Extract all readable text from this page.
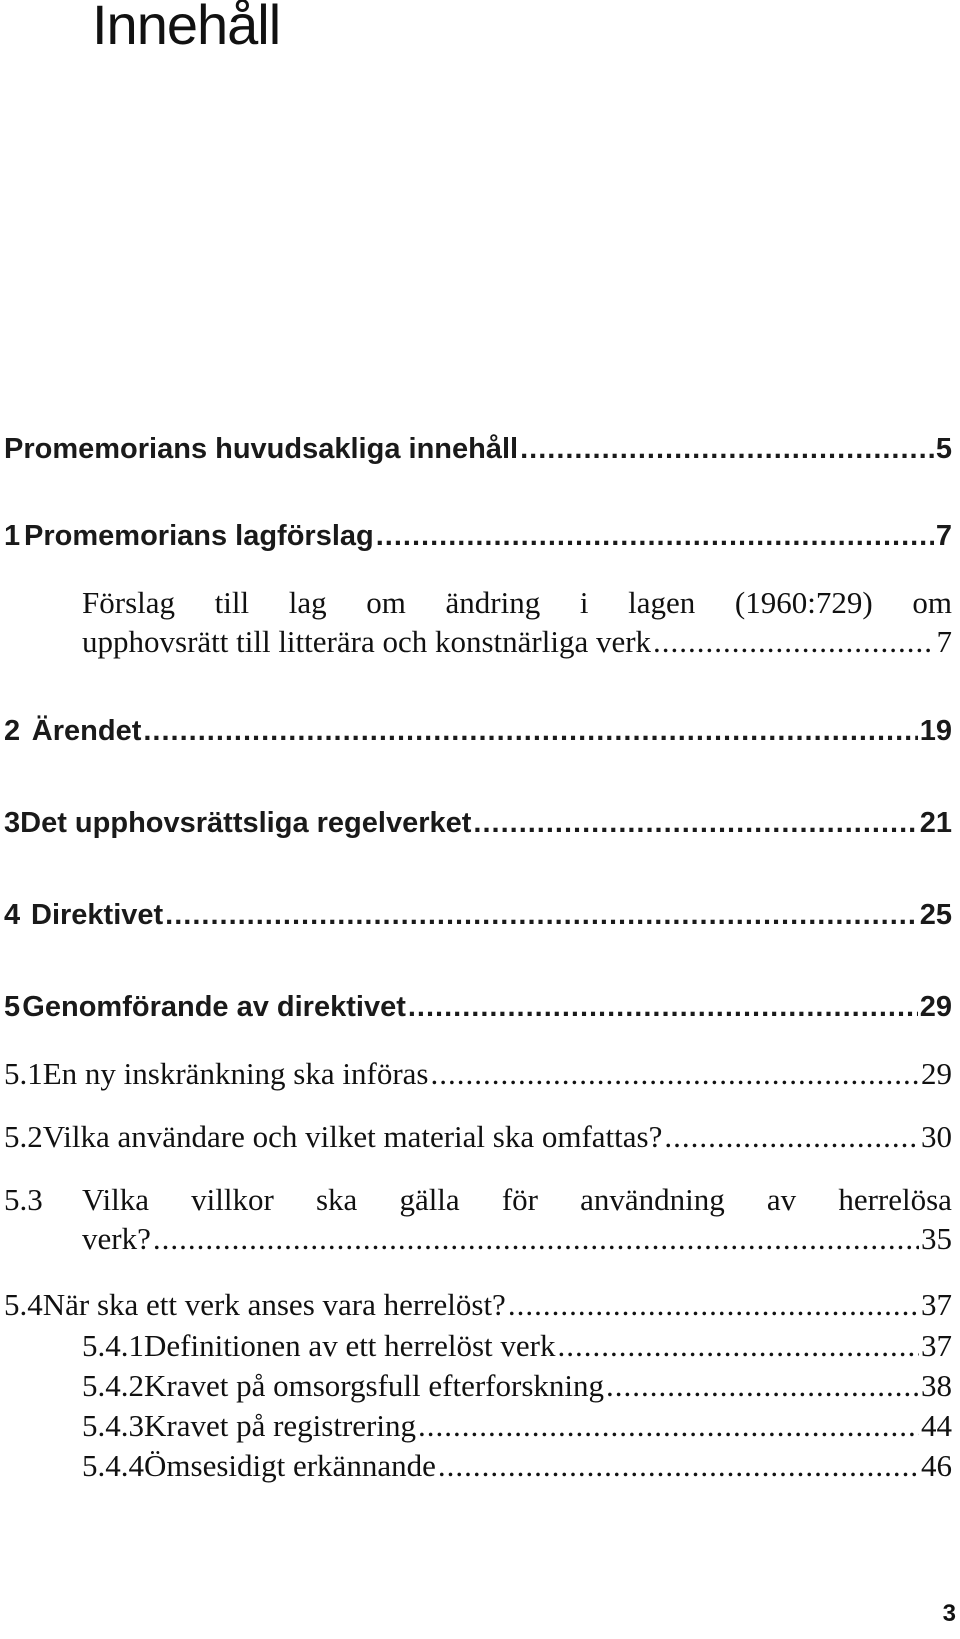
Innehåll
Promemorians huvudsakliga innehåll .....	5
1 Promemorians lagförslag .....	7
Förslag till lag om ändring i lagen (1960:729) om
upphovsrätt till litterära och konstnärliga verk .....	7
2 Ärendet .....	19
3 Det upphovsrättsliga regelverket .....	21
4 Direktivet .....	25
5 Genomförande av direktivet .....	29
5.1 En ny inskränkning ska införas .....	29
5.2 Vilka användare och vilket material ska omfattas? .....	30
5.3	Vilka villkor ska gälla för användning av herrelösa
verk? .....	35
5.4 När ska ett verk anses vara herrelöst? .....	37
5.4.1 Definitionen av ett herrelöst verk .....	37
5.4.2 Kravet på omsorgsfull efterforskning .....	38
5.4.3 Kravet på registrering .....	44
5.4.4 Ömsesidigt erkännande .....	46
3
